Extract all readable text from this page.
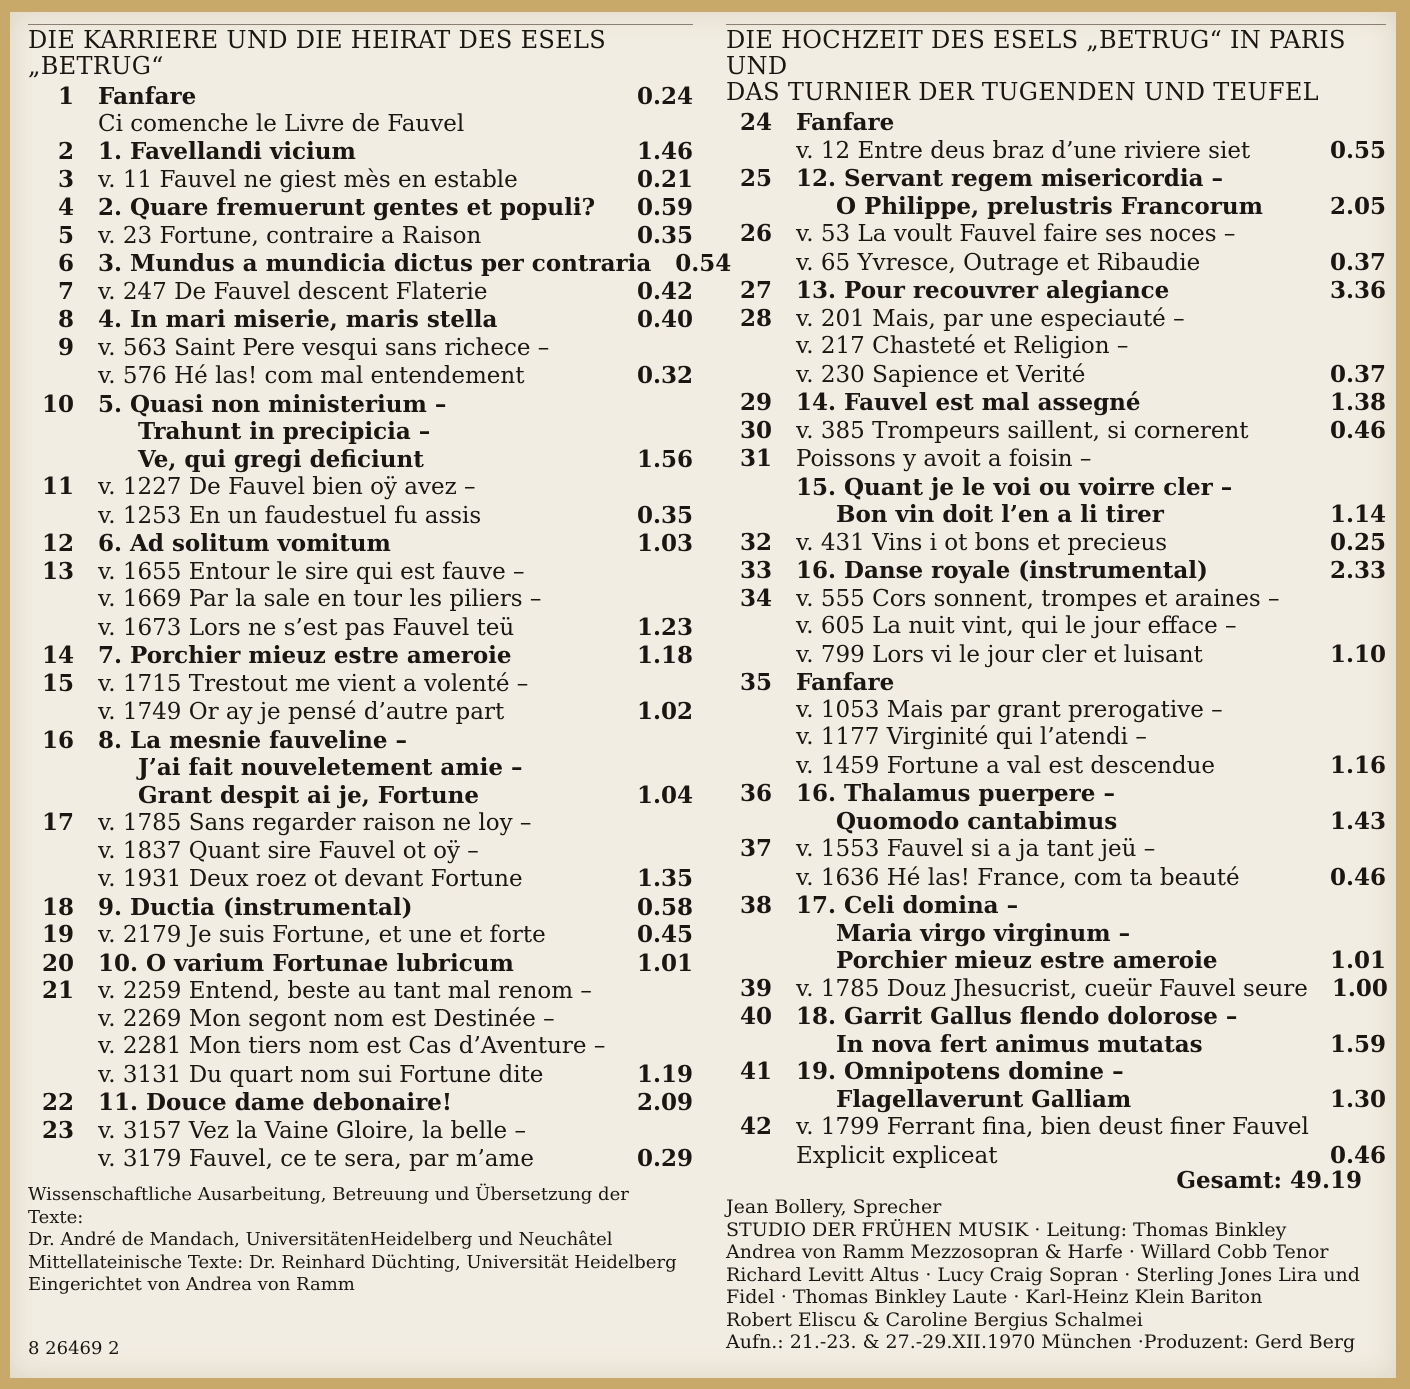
DIE KARRIERE UND DIE HEIRAT DES ESELS
„BETRUG“
1	Fanfare	0.24
Ci comenche le Livre de Fauvel
2	1. Favellandi vicium	1.46
3	v. 11 Fauvel ne giest mès en estable	0.21
4	2. Quare fremuerunt gentes et populi?	0.59
5	v. 23 Fortune, contraire a Raison	0.35
6	3. Mundus a mundicia dictus per contraria	0.54
7	v. 247 De Fauvel descent Flaterie	0.42
8	4. In mari miserie, maris stella	0.40
9	v. 563 Saint Pere vesqui sans richece –
v. 576 Hé las! com mal entendement	0.32
10	5. Quasi non ministerium –
Trahunt in precipicia –
Ve, qui gregi deficiunt	1.56
11	v. 1227 De Fauvel bien oÿ avez –
v. 1253 En un faudestuel fu assis	0.35
12	6. Ad solitum vomitum	1.03
13	v. 1655 Entour le sire qui est fauve –
v. 1669 Par la sale en tour les piliers –
v. 1673 Lors ne s’est pas Fauvel teü	1.23
14	7. Porchier mieuz estre ameroie	1.18
15	v. 1715 Trestout me vient a volenté –
v. 1749 Or ay je pensé d’autre part	1.02
16	8. La mesnie fauveline –
J’ai fait nouveletement amie –
Grant despit ai je, Fortune	1.04
17	v. 1785 Sans regarder raison ne loy –
v. 1837 Quant sire Fauvel ot oÿ –
v. 1931 Deux roez ot devant Fortune	1.35
18	9. Ductia (instrumental)	0.58
19	v. 2179 Je suis Fortune, et une et forte	0.45
20	10. O varium Fortunae lubricum	1.01
21	v. 2259 Entend, beste au tant mal renom –
v. 2269 Mon segont nom est Destinée –
v. 2281 Mon tiers nom est Cas d’Aventure –
v. 3131 Du quart nom sui Fortune dite	1.19
22	11. Douce dame debonaire!	2.09
23	v. 3157 Vez la Vaine Gloire, la belle –
v. 3179 Fauvel, ce te sera, par m’ame	0.29
DIE HOCHZEIT DES ESELS „BETRUG“ IN PARIS UND
DAS TURNIER DER TUGENDEN UND TEUFEL
24	Fanfare
v. 12 Entre deus braz d’une riviere siet	0.55
25	12. Servant regem misericordia –
O Philippe, prelustris Francorum	2.05
26	v. 53 La voult Fauvel faire ses noces –
v. 65 Yvresce, Outrage et Ribaudie	0.37
27	13. Pour recouvrer alegiance	3.36
28	v. 201 Mais, par une especiauté –
v. 217 Chasteté et Religion –
v. 230 Sapience et Verité	0.37
29	14. Fauvel est mal assegné	1.38
30	v. 385 Trompeurs saillent, si cornerent	0.46
31	Poissons y avoit a foisin –
15. Quant je le voi ou voirre cler –
Bon vin doit l’en a li tirer	1.14
32	v. 431 Vins i ot bons et precieus	0.25
33	16. Danse royale (instrumental)	2.33
34	v. 555 Cors sonnent, trompes et araines –
v. 605 La nuit vint, qui le jour efface –
v. 799 Lors vi le jour cler et luisant	1.10
35	Fanfare
v. 1053 Mais par grant prerogative –
v. 1177 Virginité qui l’atendi –
v. 1459 Fortune a val est descendue	1.16
36	16. Thalamus puerpere –
Quomodo cantabimus	1.43
37	v. 1553 Fauvel si a ja tant jeü –
v. 1636 Hé las! France, com ta beauté	0.46
38	17. Celi domina –
Maria virgo virginum –
Porchier mieuz estre ameroie	1.01
39	v. 1785 Douz Jhesucrist, cueür Fauvel seure	1.00
40	18. Garrit Gallus flendo dolorose –
In nova fert animus mutatas	1.59
41	19. Omnipotens domine –
Flagellaverunt Galliam	1.30
42	v. 1799 Ferrant fina, bien deust finer Fauvel
Explicit expliceat	0.46
Gesamt: 49.19
Wissenschaftliche Ausarbeitung, Betreuung und Übersetzung der Texte:
Dr. André de Mandach, UniversitätenHeidelberg und Neuchâtel
Mittellateinische Texte: Dr. Reinhard Düchting, Universität Heidelberg
Eingerichtet von Andrea von Ramm
8 26469 2
Jean Bollery, Sprecher
STUDIO DER FRÜHEN MUSIK · Leitung: Thomas Binkley
Andrea von Ramm Mezzosopran & Harfe · Willard Cobb Tenor
Richard Levitt Altus · Lucy Craig Sopran · Sterling Jones Lira und
Fidel · Thomas Binkley Laute · Karl-Heinz Klein Bariton
Robert Eliscu & Caroline Bergius Schalmei
Aufn.: 21.-23. & 27.-29.XII.1970 München ·Produzent: Gerd Berg
